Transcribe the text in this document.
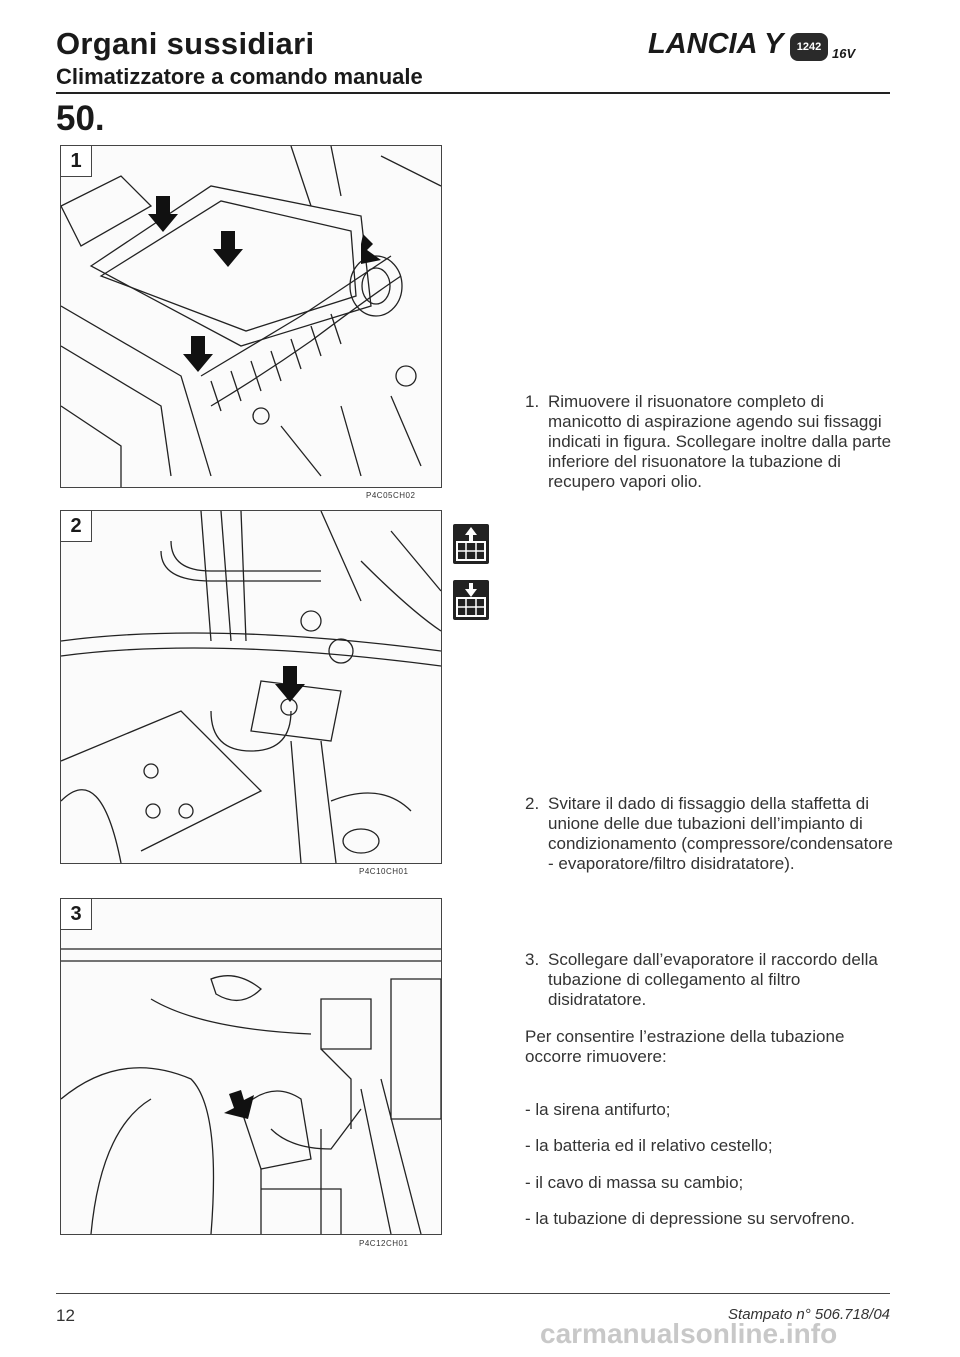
Organi sussidiari
Climatizzatore a comando manuale
LANCIA Y	1242 16V
50.
1
P4C05CH02
2
P4C10CH01
3
P4C12CH01
1. Rimuovere il risuonatore completo di manicotto di aspirazione agendo sui fissaggi indicati in figura. Scollegare inoltre dalla parte inferiore del risuonatore la tubazione di recupero vapori olio.
2. Svitare il dado di fissaggio della staffetta di unione delle due tubazioni dell’impianto di condizionamento (compressore/condensatore - evaporatore/filtro disidratatore).
3. Scollegare dall’evaporatore il raccordo della tubazione di collegamento al filtro disidratatore.
Per consentire l’estrazione della tubazione occorre rimuovere:
- la sirena antifurto;
- la batteria ed il relativo cestello;
- il cavo di massa su cambio;
- la tubazione di depressione su servofreno.
12	Stampato n° 506.718/04
carmanualsonline.info
